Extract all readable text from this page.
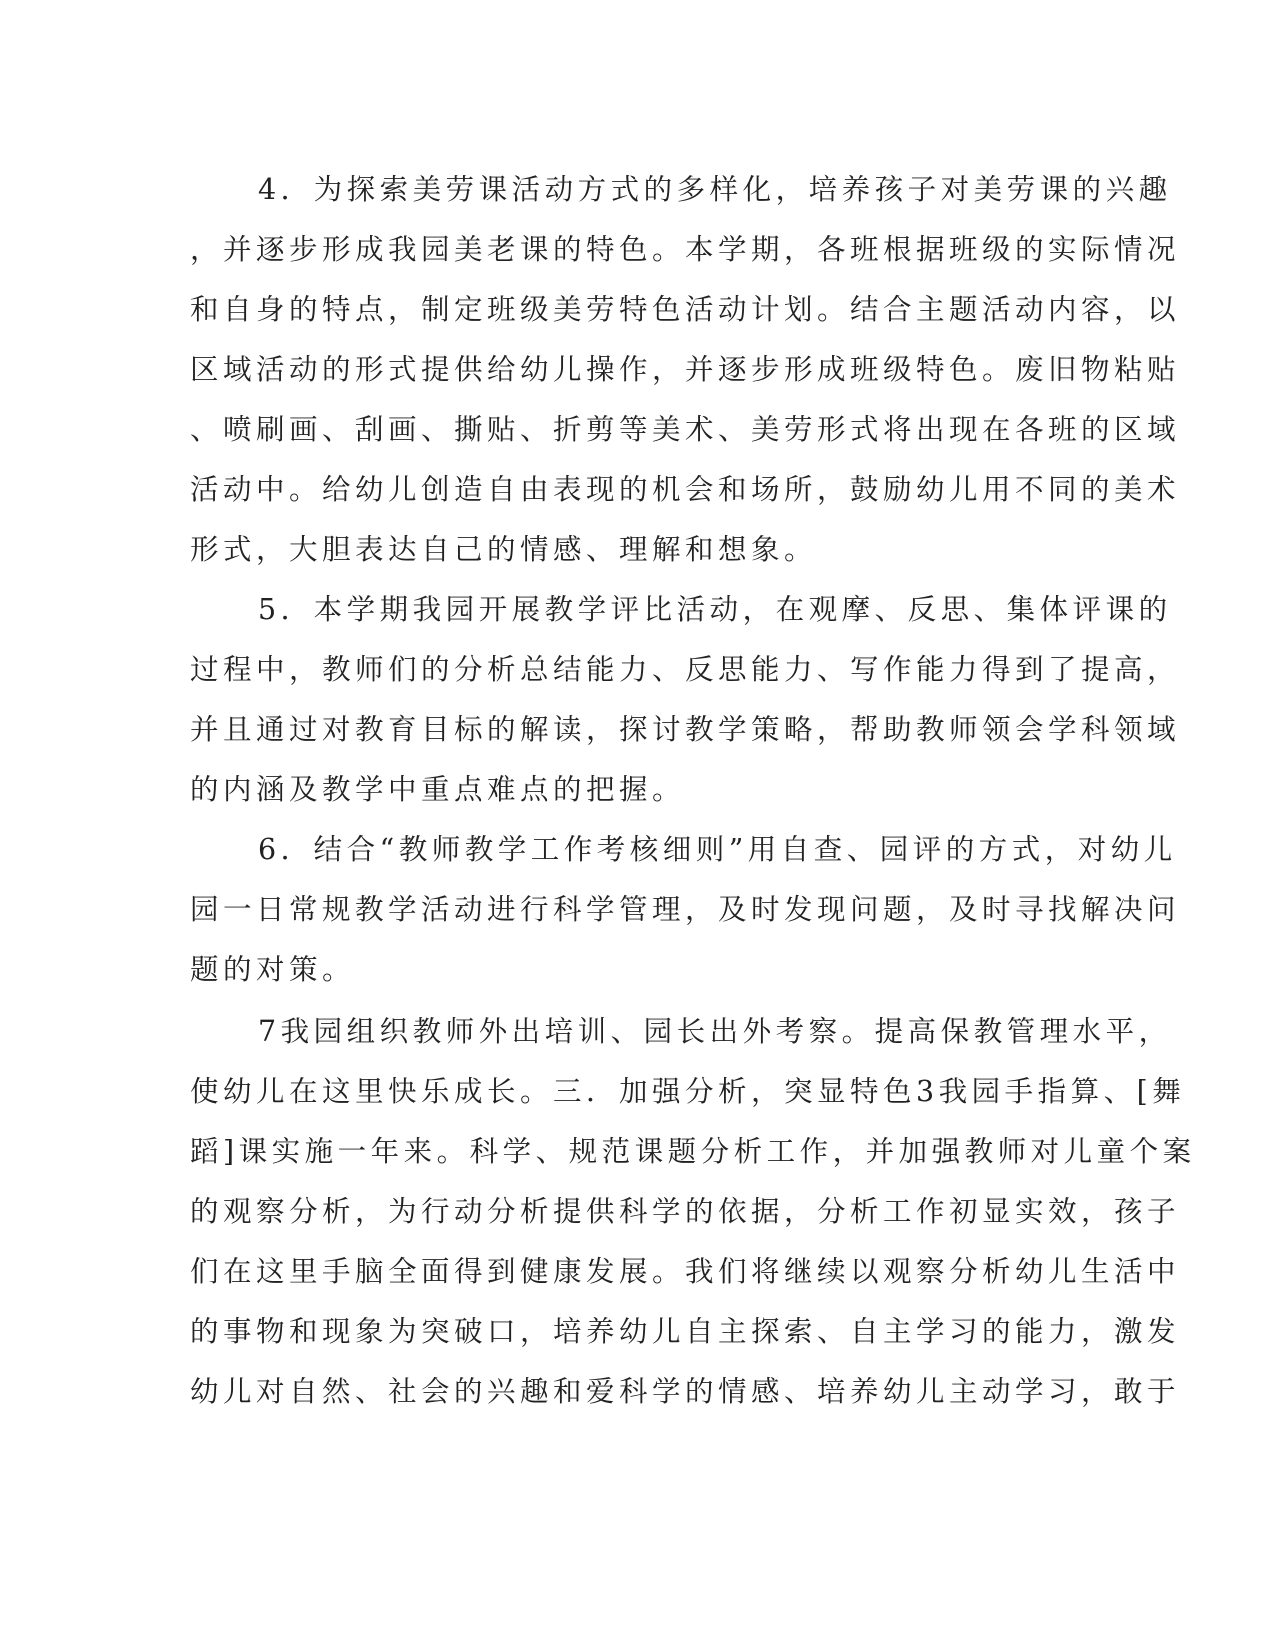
4．为探索美劳课活动方式的多样化，培养孩子对美劳课的兴趣

，并逐步形成我园美老课的特色。本学期，各班根据班级的实际情况

和自身的特点，制定班级美劳特色活动计划。结合主题活动内容，以

区域活动的形式提供给幼儿操作，并逐步形成班级特色。废旧物粘贴

、喷刷画、刮画、撕贴、折剪等美术、美劳形式将出现在各班的区域

活动中。给幼儿创造自由表现的机会和场所，鼓励幼儿用不同的美术

形式，大胆表达自己的情感、理解和想象。

5．本学期我园开展教学评比活动，在观摩、反思、集体评课的

过程中，教师们的分析总结能力、反思能力、写作能力得到了提高，

并且通过对教育目标的解读，探讨教学策略，帮助教师领会学科领域

的内涵及教学中重点难点的把握。

6．结合“教师教学工作考核细则”用自查、园评的方式，对幼儿

园一日常规教学活动进行科学管理，及时发现问题，及时寻找解决问

题的对策。

7我园组织教师外出培训、园长出外考察。提高保教管理水平，

使幼儿在这里快乐成长。三．加强分析，突显特色3我园手指算、[舞

蹈]课实施一年来。科学、规范课题分析工作，并加强教师对儿童个案

的观察分析，为行动分析提供科学的依据，分析工作初显实效，孩子

们在这里手脑全面得到健康发展。我们将继续以观察分析幼儿生活中

的事物和现象为突破口，培养幼儿自主探索、自主学习的能力，激发

幼儿对自然、社会的兴趣和爱科学的情感、培养幼儿主动学习，敢于
